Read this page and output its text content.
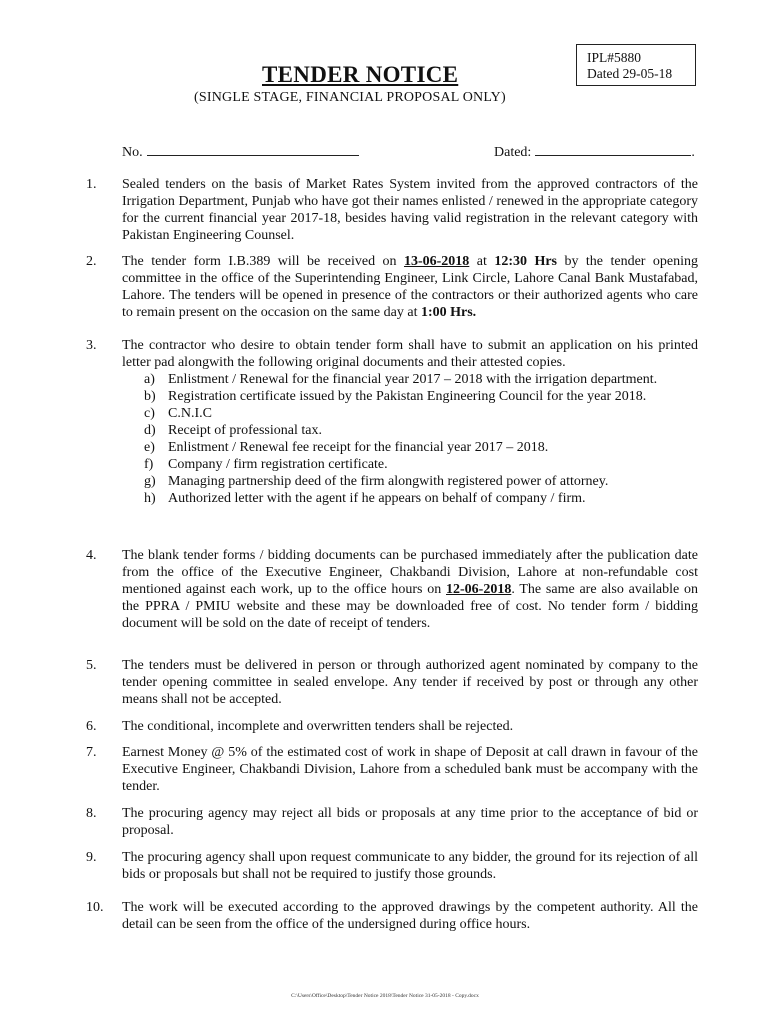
IPL#5880
Dated 29-05-18
TENDER NOTICE
(SINGLE STAGE, FINANCIAL PROPOSAL ONLY)
No.	Dated:	.
1. Sealed tenders on the basis of Market Rates System invited from the approved contractors of the Irrigation Department, Punjab who have got their names enlisted / renewed in the appropriate category for the current financial year 2017-18, besides having valid registration in the relevant category with Pakistan Engineering Counsel.

2. The tender form I.B.389 will be received on 13-06-2018 at 12:30 Hrs by the tender opening committee in the office of the Superintending Engineer, Link Circle, Lahore Canal Bank Mustafabad, Lahore. The tenders will be opened in presence of the contractors or their authorized agents who care to remain present on the occasion on the same day at 1:00 Hrs.

3. The contractor who desire to obtain tender form shall have to submit an application on his printed letter pad alongwith the following original documents and their attested copies.

a) Enlistment / Renewal for the financial year 2017 – 2018 with the irrigation department.
b) Registration certificate issued by the Pakistan Engineering Council for the year 2018.
c) C.N.I.C
d) Receipt of professional tax.
e) Enlistment / Renewal fee receipt for the financial year 2017 – 2018.
f) Company / firm registration certificate.
g) Managing partnership deed of the firm alongwith registered power of attorney.
h) Authorized letter with the agent if he appears on behalf of company / firm.
4. The blank tender forms / bidding documents can be purchased immediately after the publication date from the office of the Executive Engineer, Chakbandi Division, Lahore at non-refundable cost mentioned against each work, up to the office hours on 12-06-2018. The same are also available on the PPRA / PMIU website and these may be downloaded free of cost. No tender form / bidding document will be sold on the date of receipt of tenders.

5. The tenders must be delivered in person or through authorized agent nominated by company to the tender opening committee in sealed envelope. Any tender if received by post or through any other means shall not be accepted.

6. The conditional, incomplete and overwritten tenders shall be rejected.

7. Earnest Money @ 5% of the estimated cost of work in shape of Deposit at call drawn in favour of the Executive Engineer, Chakbandi Division, Lahore from a scheduled bank must be accompany with the tender.

8. The procuring agency may reject all bids or proposals at any time prior to the acceptance of bid or proposal.

9. The procuring agency shall upon request communicate to any bidder, the ground for its rejection of all bids or proposals but shall not be required to justify those grounds.

10. The work will be executed according to the approved drawings by the competent authority. All the detail can be seen from the office of the undersigned during office hours.

C:\Users\Office\Desktop\Tender Notice 2018\Tender Notice 31-05-2018 - Copy.docx
